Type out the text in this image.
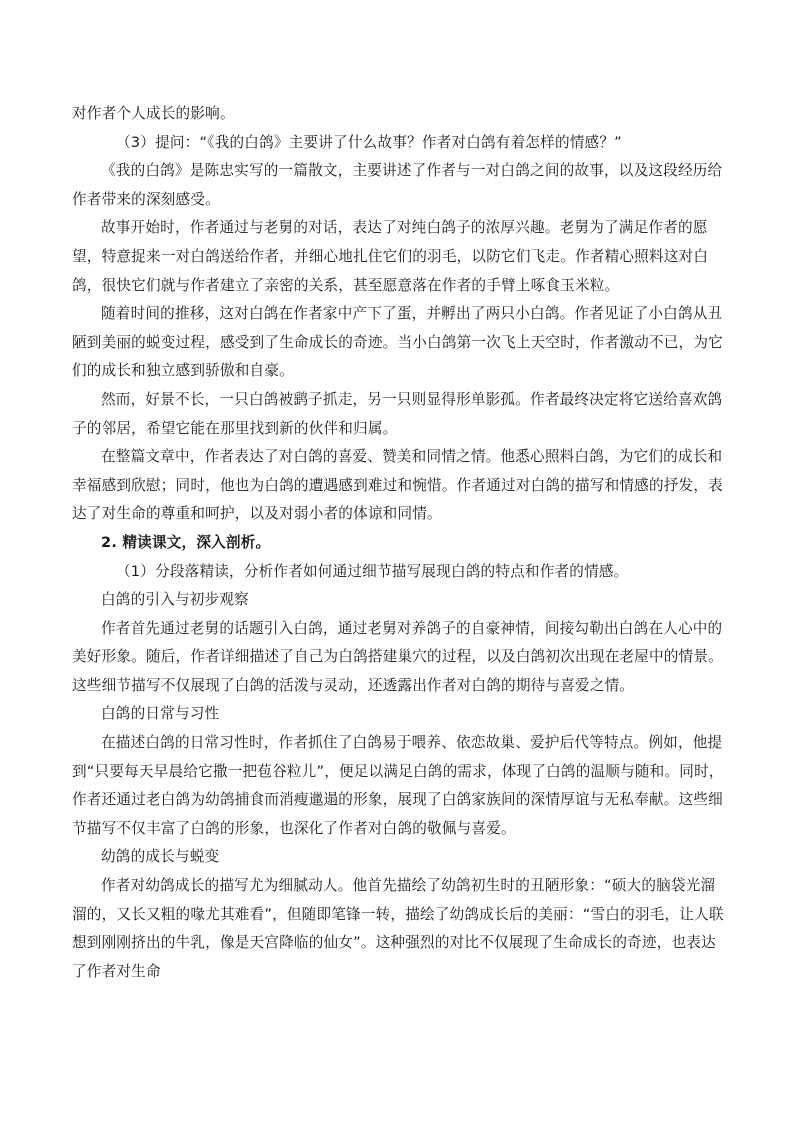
对作者个人成长的影响。

（3）提问：“《我的白鸽》主要讲了什么故事？作者对白鸽有着怎样的情感？”

《我的白鸽》是陈忠实写的一篇散文，主要讲述了作者与一对白鸽之间的故事，以及这段经历给作者带来的深刻感受。

故事开始时，作者通过与老舅的对话，表达了对纯白鸽子的浓厚兴趣。老舅为了满足作者的愿望，特意捉来一对白鸽送给作者，并细心地扎住它们的羽毛，以防它们飞走。作者精心照料这对白鸽，很快它们就与作者建立了亲密的关系，甚至愿意落在作者的手臂上啄食玉米粒。

随着时间的推移，这对白鸽在作者家中产下了蛋，并孵出了两只小白鸽。作者见证了小白鸽从丑陋到美丽的蜕变过程，感受到了生命成长的奇迹。当小白鸽第一次飞上天空时，作者激动不已，为它们的成长和独立感到骄傲和自豪。

然而，好景不长，一只白鸽被鹞子抓走，另一只则显得形单影孤。作者最终决定将它送给喜欢鸽子的邻居，希望它能在那里找到新的伙伴和归属。

在整篇文章中，作者表达了对白鸽的喜爱、赞美和同情之情。他悉心照料白鸽，为它们的成长和幸福感到欣慰；同时，他也为白鸽的遭遇感到难过和惋惜。作者通过对白鸽的描写和情感的抒发，表达了对生命的尊重和呵护，以及对弱小者的体谅和同情。

2. 精读课文，深入剖析。

（1）分段落精读，分析作者如何通过细节描写展现白鸽的特点和作者的情感。

白鸽的引入与初步观察

作者首先通过老舅的话题引入白鸽，通过老舅对养鸽子的自豪神情，间接勾勒出白鸽在人心中的美好形象。随后，作者详细描述了自己为白鸽搭建巢穴的过程，以及白鸽初次出现在老屋中的情景。这些细节描写不仅展现了白鸽的活泼与灵动，还透露出作者对白鸽的期待与喜爱之情。

白鸽的日常与习性

在描述白鸽的日常习性时，作者抓住了白鸽易于喂养、依恋故巢、爱护后代等特点。例如，他提到“只要每天早晨给它撒一把苞谷粒儿”，便足以满足白鸽的需求，体现了白鸽的温顺与随和。同时，作者还通过老白鸽为幼鸽捕食而消瘦邋遢的形象，展现了白鸽家族间的深情厚谊与无私奉献。这些细节描写不仅丰富了白鸽的形象，也深化了作者对白鸽的敬佩与喜爱。

幼鸽的成长与蜕变

作者对幼鸽成长的描写尤为细腻动人。他首先描绘了幼鸽初生时的丑陋形象：“硕大的脑袋光溜溜的，又长又粗的喙尤其难看”，但随即笔锋一转，描绘了幼鸽成长后的美丽：“雪白的羽毛，让人联想到刚刚挤出的牛乳，像是天宫降临的仙女”。这种强烈的对比不仅展现了生命成长的奇迹，也表达了作者对生命
